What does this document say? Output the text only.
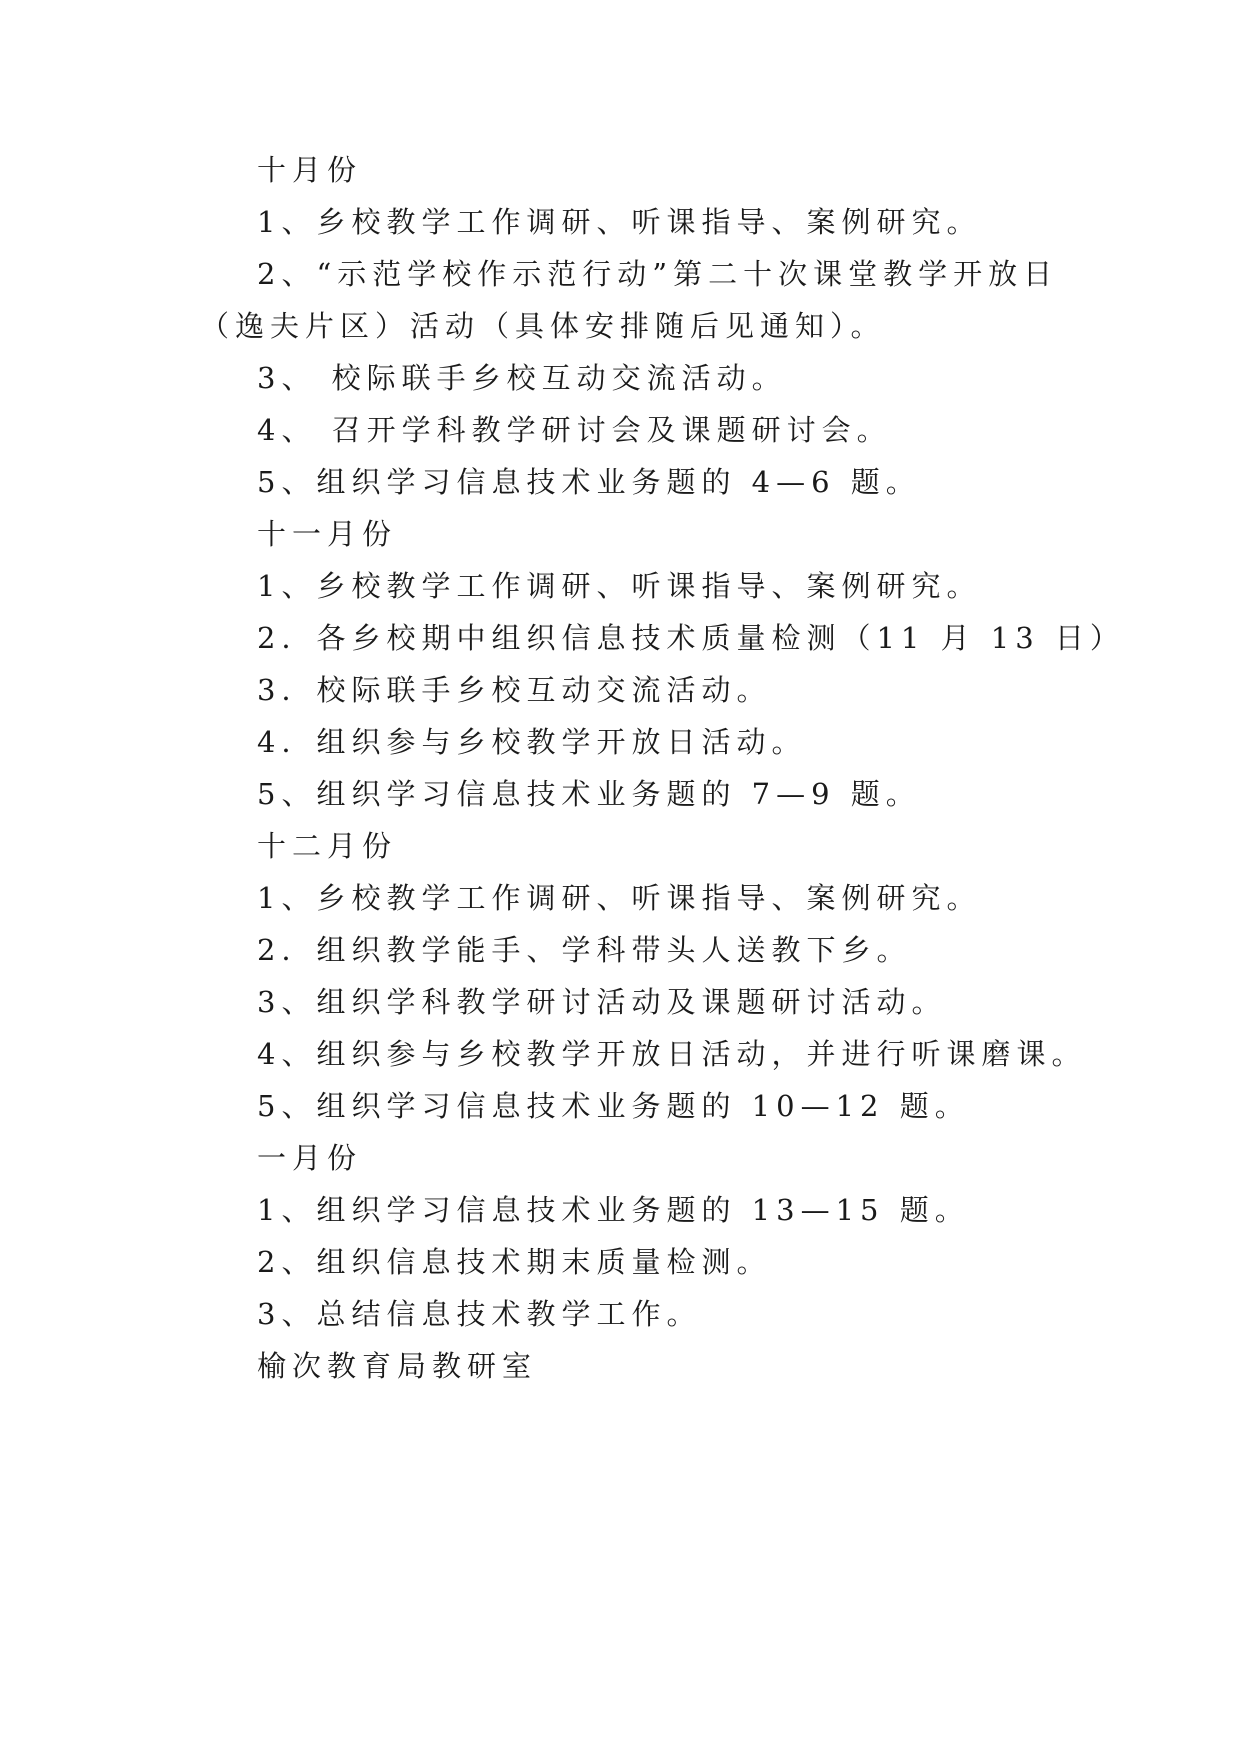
十月份
1、乡校教学工作调研、听课指导、案例研究。
2、“示范学校作示范行动”第二十次课堂教学开放日
（逸夫片区）活动（具体安排随后见通知）。
3、 校际联手乡校互动交流活动。
4、 召开学科教学研讨会及课题研讨会。
5、组织学习信息技术业务题的 4—6 题。
十一月份
1、乡校教学工作调研、听课指导、案例研究。
2．各乡校期中组织信息技术质量检测（11 月 13 日）
3．校际联手乡校互动交流活动。
4．组织参与乡校教学开放日活动。
5、组织学习信息技术业务题的 7—9 题。
十二月份
1、乡校教学工作调研、听课指导、案例研究。
2．组织教学能手、学科带头人送教下乡。
3、组织学科教学研讨活动及课题研讨活动。
4、组织参与乡校教学开放日活动，并进行听课磨课。
5、组织学习信息技术业务题的 10—12 题。
一月份
1、组织学习信息技术业务题的 13—15 题。
2、组织信息技术期末质量检测。
3、总结信息技术教学工作。
榆次教育局教研室
